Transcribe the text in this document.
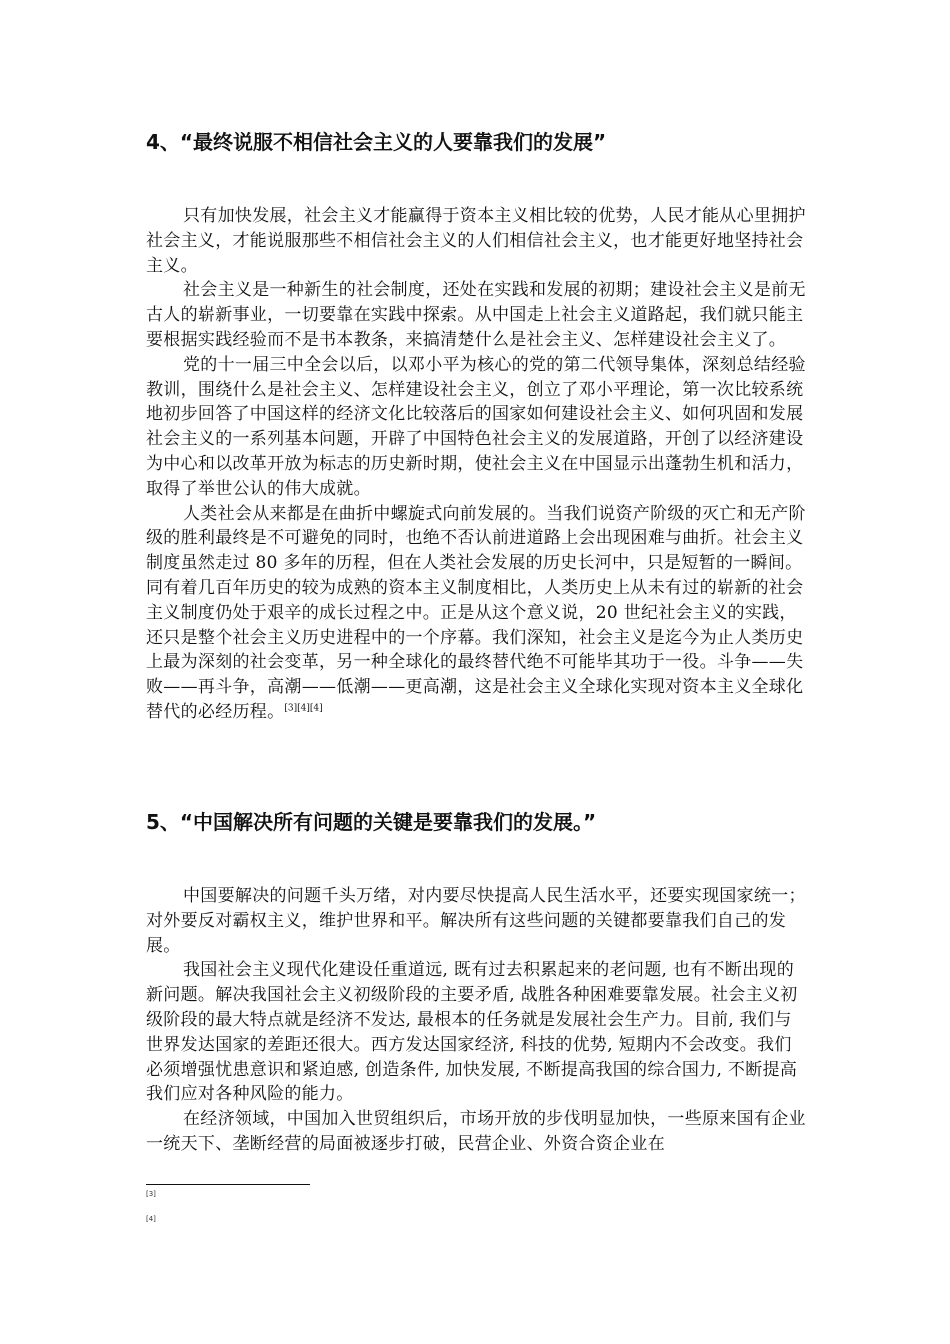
4、“最终说服不相信社会主义的人要靠我们的发展”

只有加快发展，社会主义才能赢得于资本主义相比较的优势，人民才能从心里拥护社会主义，才能说服那些不相信社会主义的人们相信社会主义，也才能更好地坚持社会主义。

社会主义是一种新生的社会制度，还处在实践和发展的初期；建设社会主义是前无古人的崭新事业，一切要靠在实践中探索。从中国走上社会主义道路起，我们就只能主要根据实践经验而不是书本教条，来搞清楚什么是社会主义、怎样建设社会主义了。

党的十一届三中全会以后，以邓小平为核心的党的第二代领导集体，深刻总结经验教训，围绕什么是社会主义、怎样建设社会主义，创立了邓小平理论，第一次比较系统地初步回答了中国这样的经济文化比较落后的国家如何建设社会主义、如何巩固和发展社会主义的一系列基本问题，开辟了中国特色社会主义的发展道路，开创了以经济建设为中心和以改革开放为标志的历史新时期，使社会主义在中国显示出蓬勃生机和活力，取得了举世公认的伟大成就。

人类社会从来都是在曲折中螺旋式向前发展的。当我们说资产阶级的灭亡和无产阶级的胜利最终是不可避免的同时，也绝不否认前进道路上会出现困难与曲折。社会主义制度虽然走过 80 多年的历程，但在人类社会发展的历史长河中，只是短暂的一瞬间。同有着几百年历史的较为成熟的资本主义制度相比，人类历史上从未有过的崭新的社会主义制度仍处于艰辛的成长过程之中。正是从这个意义说，20 世纪社会主义的实践，还只是整个社会主义历史进程中的一个序幕。我们深知，社会主义是迄今为止人类历史上最为深刻的社会变革，另一种全球化的最终替代绝不可能毕其功于一役。斗争——失败——再斗争，高潮——低潮——更高潮，这是社会主义全球化实现对资本主义全球化替代的必经历程。[3][4][4]

5、“中国解决所有问题的关键是要靠我们的发展。”

中国要解决的问题千头万绪，对内要尽快提高人民生活水平，还要实现国家统一；对外要反对霸权主义，维护世界和平。解决所有这些问题的关键都要靠我们自己的发展。

我国社会主义现代化建设任重道远, 既有过去积累起来的老问题, 也有不断出现的新问题。解决我国社会主义初级阶段的主要矛盾, 战胜各种困难要靠发展。社会主义初级阶段的最大特点就是经济不发达, 最根本的任务就是发展社会生产力。目前, 我们与世界发达国家的差距还很大。西方发达国家经济, 科技的优势, 短期内不会改变。我们必须增强忧患意识和紧迫感, 创造条件, 加快发展, 不断提高我国的综合国力, 不断提高我们应对各种风险的能力。

在经济领域，中国加入世贸组织后，市场开放的步伐明显加快，一些原来国有企业一统天下、垄断经营的局面被逐步打破，民营企业、外资合资企业在

[3]
[4]
